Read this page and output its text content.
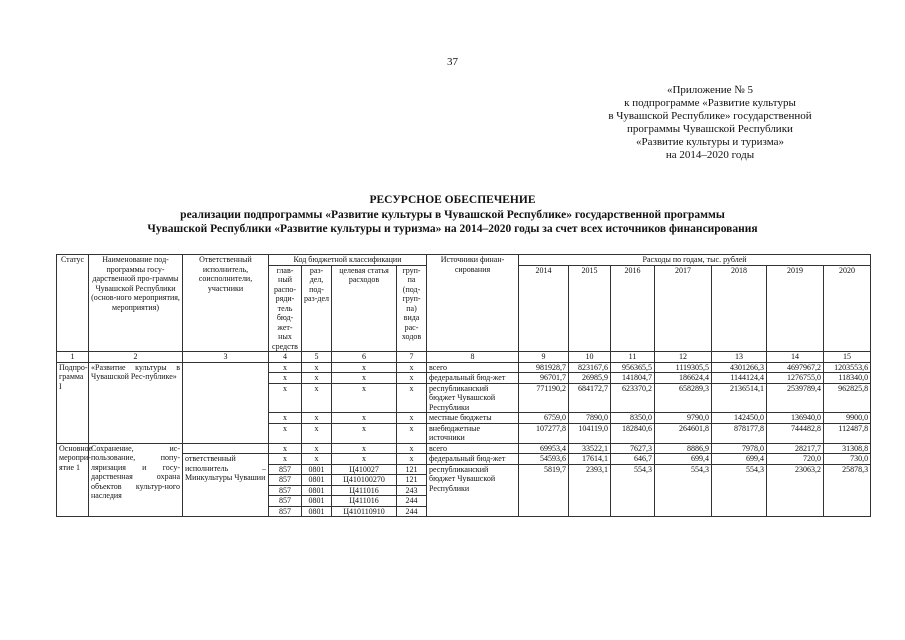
37
«Приложение № 5
к подпрограмме «Развитие культуры
в Чувашской Республике» государственной
программы Чувашской Республики
«Развитие культуры и туризма»
на 2014–2020 годы
РЕСУРСНОЕ ОБЕСПЕЧЕНИЕ
реализации подпрограммы «Развитие культуры в Чувашской Республике» государственной программы
Чувашской Республики «Развитие культуры и туризма» на 2014–2020 годы за счет всех источников финансирования
Статус	Наименование под-программы госу-дарственной про-граммы Чувашской Республики (основ-ного мероприятия, мероприятия)	Ответственный исполнитель, соисполнители, участники	Код бюджетной классификации				Источники финан-сирования	Расходы по годам, тыс. рублей						
			глав-ный распо-ряди-тель бюд-жет-ных средств	раз-дел, под-раз-дел	целевая статья расходов	груп-па (под-груп-па) вида рас-ходов		2014	2015	2016	2017	2018	2019	2020
1	2	3	4	5	6	7	8	9	10	11	12	13	14	15
Подпро-грамма I	«Развитие культуры в Чувашской Рес-публике»		x	x	x	x	всего	981928,7	823167,6	956365,5	1119305,5	4301266,3	4697967,2	1203553,6
			x	x	x	x	федеральный бюд-жет	96701,7	26985,9	141804,7	186624,4	1144124,4	1276755,0	118340,0
			x	x	x	x	республиканский бюджет Чувашской Республики	771190,2	684172,7	623370,2	658289,3	2136514,1	2539789,4	962825,8
			x	x	x	x	местные бюджеты	6759,0	7890,0	8350,0	9790,0	142450,0	136940,0	9900,0
			x	x	x	x	внебюджетные источники	107277,8	104119,0	182840,6	264601,8	878177,8	744482,8	112487,8
Основное меропри-ятие 1	Сохранение, ис-пользование, попу-ляризация и госу-дарственная охрана объектов культур-ного наследия		x	x	x	x	всего	69953,4	33522,1	7627,3	8886,9	7978,0	28217,7	31308,8
		ответственный исполнитель – Минкультуры Чувашии	x	x	x	x	федеральный бюд-жет	54593,6	17614,1	646,7	699,4	699,4	720,0	730,0
			857	0801	Ц410027	121	республиканский бюджет Чувашской Республики	5819,7	2393,1	554,3	554,3	554,3	23063,2	25878,3
			857	0801	Ц410100270	121								
			857	0801	Ц411016	243								
			857	0801	Ц411016	244								
			857	0801	Ц410110910	244								
